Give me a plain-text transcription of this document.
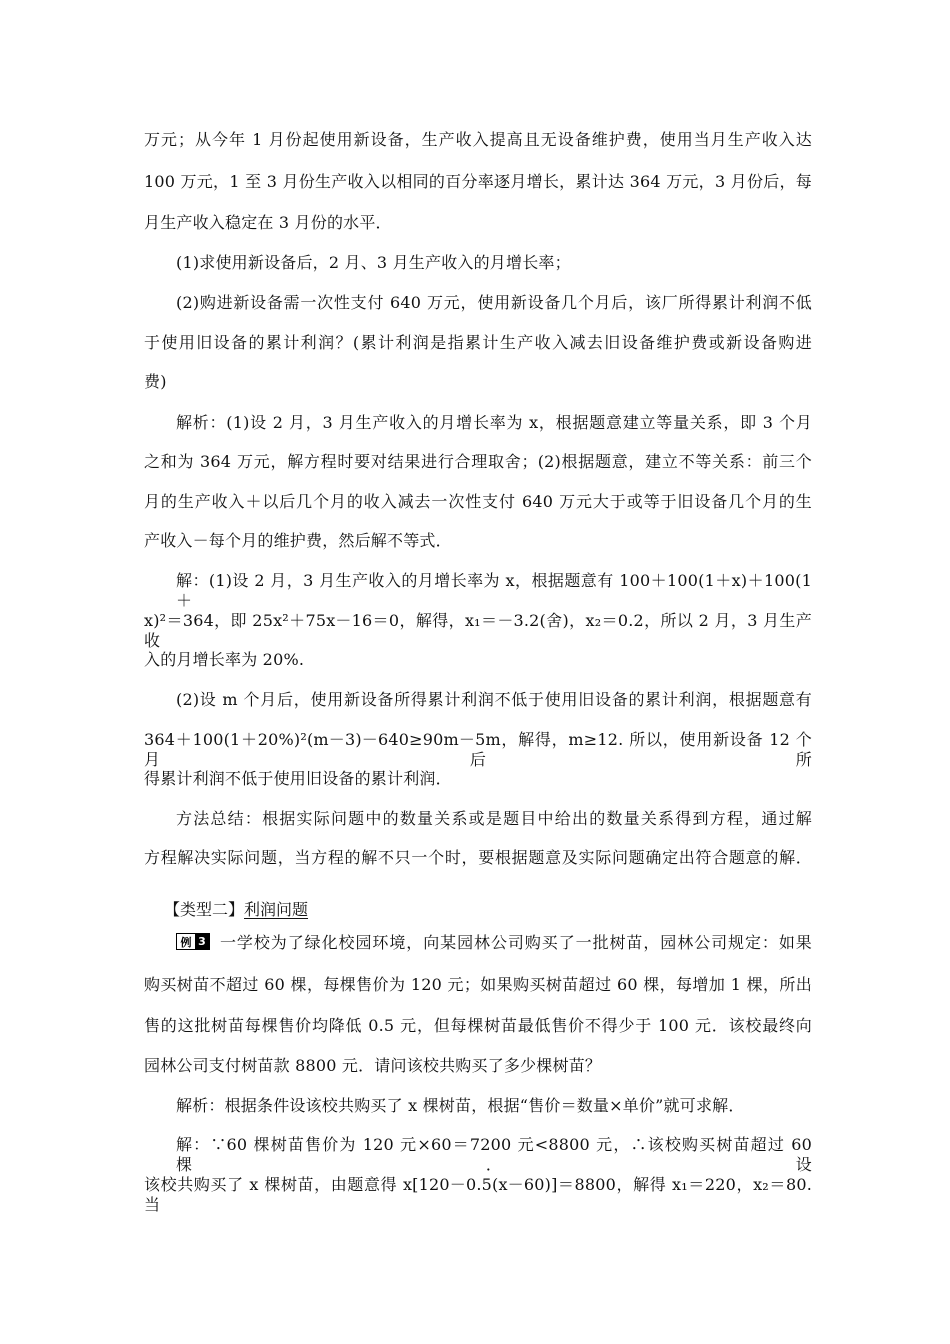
万元；从今年 1 月份起使用新设备，生产收入提高且无设备维护费，使用当月生产收入达
100 万元，1 至 3 月份生产收入以相同的百分率逐月增长，累计达 364 万元，3 月份后，每
月生产收入稳定在 3 月份的水平．
(1)求使用新设备后，2 月、3 月生产收入的月增长率；
(2)购进新设备需一次性支付 640 万元，使用新设备几个月后，该厂所得累计利润不低
于使用旧设备的累计利润？(累计利润是指累计生产收入减去旧设备维护费或新设备购进
费)
解析：(1)设 2 月，3 月生产收入的月增长率为 x，根据题意建立等量关系，即 3 个月
之和为 364 万元，解方程时要对结果进行合理取舍；(2)根据题意，建立不等关系：前三个
月的生产收入＋以后几个月的收入减去一次性支付 640 万元大于或等于旧设备几个月的生
产收入－每个月的维护费，然后解不等式．
解：(1)设 2 月，3 月生产收入的月增长率为 x，根据题意有 100＋100(1＋x)＋100(1＋
x)²＝364，即 25x²＋75x－16＝0，解得，x₁＝－3.2(舍)，x₂＝0.2，所以 2 月，3 月生产收
入的月增长率为 20%.
(2)设 m 个月后，使用新设备所得累计利润不低于使用旧设备的累计利润，根据题意有
364＋100(1＋20%)²(m－3)－640≥90m－5m，解得，m≥12. 所以，使用新设备 12 个月后所
得累计利润不低于使用旧设备的累计利润．
方法总结：根据实际问题中的数量关系或是题目中给出的数量关系得到方程，通过解
方程解决实际问题，当方程的解不只一个时，要根据题意及实际问题确定出符合题意的解．
一学校为了绿化校园环境，向某园林公司购买了一批树苗，园林公司规定：如果
购买树苗不超过 60 棵，每棵售价为 120 元；如果购买树苗超过 60 棵，每增加 1 棵，所出
售的这批树苗每棵售价均降低 0.5 元，但每棵树苗最低售价不得少于 100 元．该校最终向
园林公司支付树苗款 8800 元．请问该校共购买了多少棵树苗？
解析：根据条件设该校共购买了 x 棵树苗，根据“售价＝数量×单价”就可求解．
解：∵60 棵树苗售价为 120 元×60＝7200 元<8800 元，∴该校购买树苗超过 60 棵．设
该校共购买了 x 棵树苗，由题意得 x[120－0.5(x－60)]＝8800，解得 x₁＝220，x₂＝80. 当
【类型二】利润问题
例 3
